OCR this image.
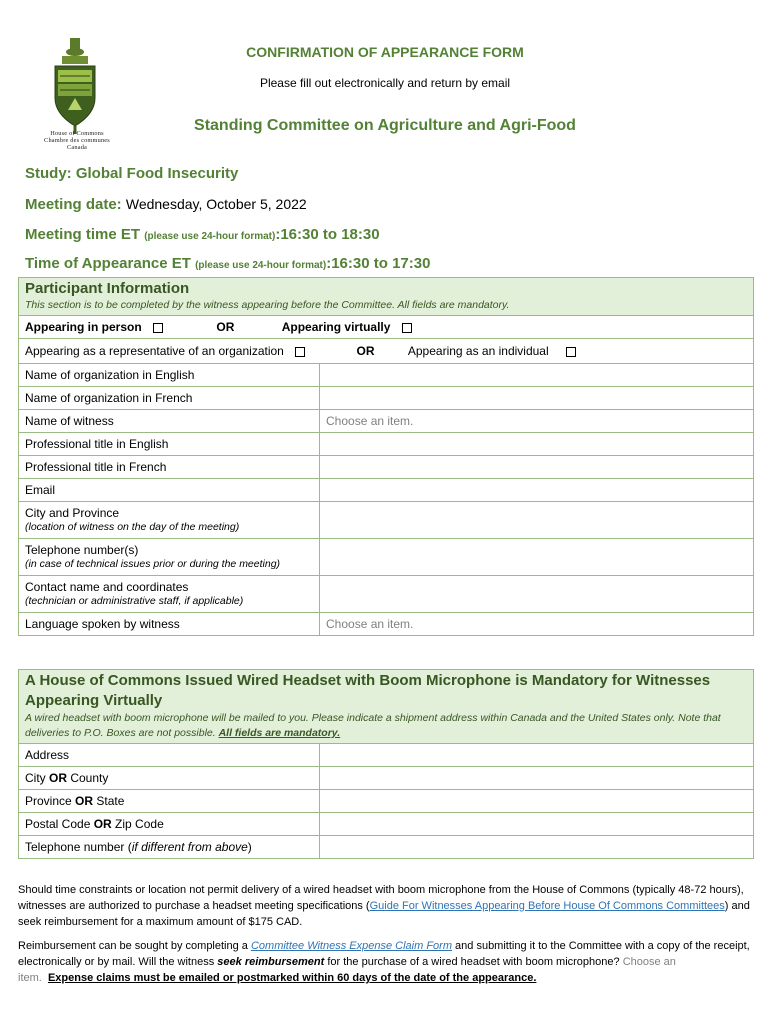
House of Commons
Chambre des communes
Canada
CONFIRMATION OF APPEARANCE FORM
Please fill out electronically and return by email
Standing Committee on Agriculture and Agri-Food
Study: Global Food Insecurity
Meeting date: Wednesday, October 5, 2022
Meeting time ET (please use 24-hour format):16:30 to 18:30
Time of Appearance ET (please use 24-hour format):16:30 to 17:30
Participant Information
This section is to be completed by the witness appearing before the Committee. All fields are mandatory.
Appearing in person	OR	Appearing virtually
Appearing as a representative of an organization	OR	Appearing as an individual
Name of organization in English
Name of organization in French
Name of witness	Choose an item.
Professional title in English
Professional title in French
Email
City and Province
(location of witness on the day of the meeting)
Telephone number(s)
(in case of technical issues prior or during the meeting)
Contact name and coordinates
(technician or administrative staff, if applicable)
Language spoken by witness	Choose an item.
A House of Commons Issued Wired Headset with Boom Microphone is Mandatory for Witnesses Appearing Virtually
A wired headset with boom microphone will be mailed to you. Please indicate a shipment address within Canada and the United States only. Note that deliveries to P.O. Boxes are not possible. All fields are mandatory.
Address
City OR County
Province OR State
Postal Code OR Zip Code
Telephone number (if different from above)
Should time constraints or location not permit delivery of a wired headset with boom microphone from the House of Commons (typically 48-72 hours), witnesses are authorized to purchase a headset meeting specifications (Guide For Witnesses Appearing Before House Of Commons Committees) and seek reimbursement for a maximum amount of $175 CAD.
Reimbursement can be sought by completing a Committee Witness Expense Claim Form and submitting it to the Committee with a copy of the receipt, electronically or by mail. Will the witness seek reimbursement for the purchase of a wired headset with boom microphone? Choose an item. Expense claims must be emailed or postmarked within 60 days of the date of the appearance.
